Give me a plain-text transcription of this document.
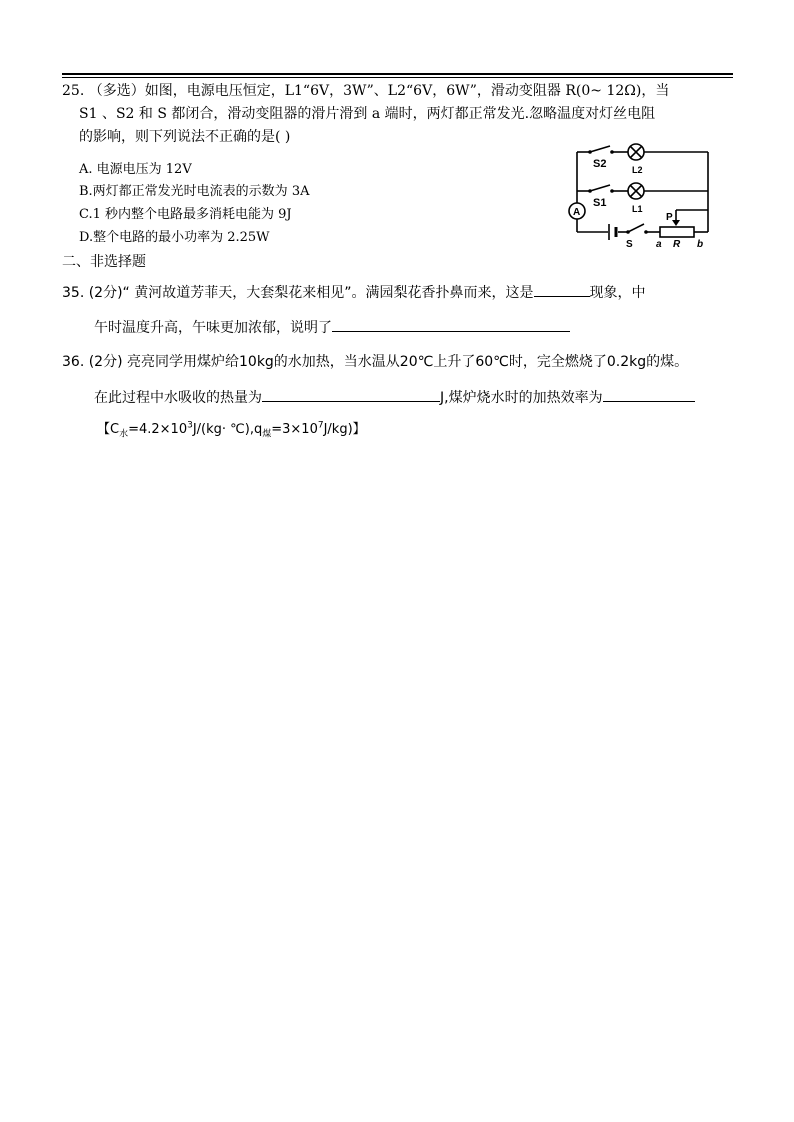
25. （多选）如图，电源电压恒定，L1“6V，3W”、L2“6V，6W”，滑动变阻器 R(0~ 12Ω)，当
S1 、S2 和 S 都闭合，滑动变阻器的滑片滑到 a 端时，两灯都正常发光.忽略温度对灯丝电阻
的影响，则下列说法不正确的是( )
A. 电源电压为 12V
B.两灯都正常发光时电流表的示数为 3A
C.1 秒内整个电路最多消耗电能为 9J
D.整个电路的最小功率为 2.25W
S2	L2
S1	L1
A
S
P
a R b
二、非选择题
35. (2分)“ 黄河故道芳菲天，大套梨花来相见”。满园梨花香扑鼻而来，这是	现象，中
午时温度升高，午味更加浓郁，说明了
36. (2分) 亮亮同学用煤炉给10kg的水加热，当水温从20℃上升了60℃时，完全燃烧了0.2kg的煤。
在此过程中水吸收的热量为	J,煤炉烧水时的加热效率为
【$C_水=4.2\times 10^3J/(kg\cdot$ $℃),q_煤=3\times 10^7J/kg$)】
